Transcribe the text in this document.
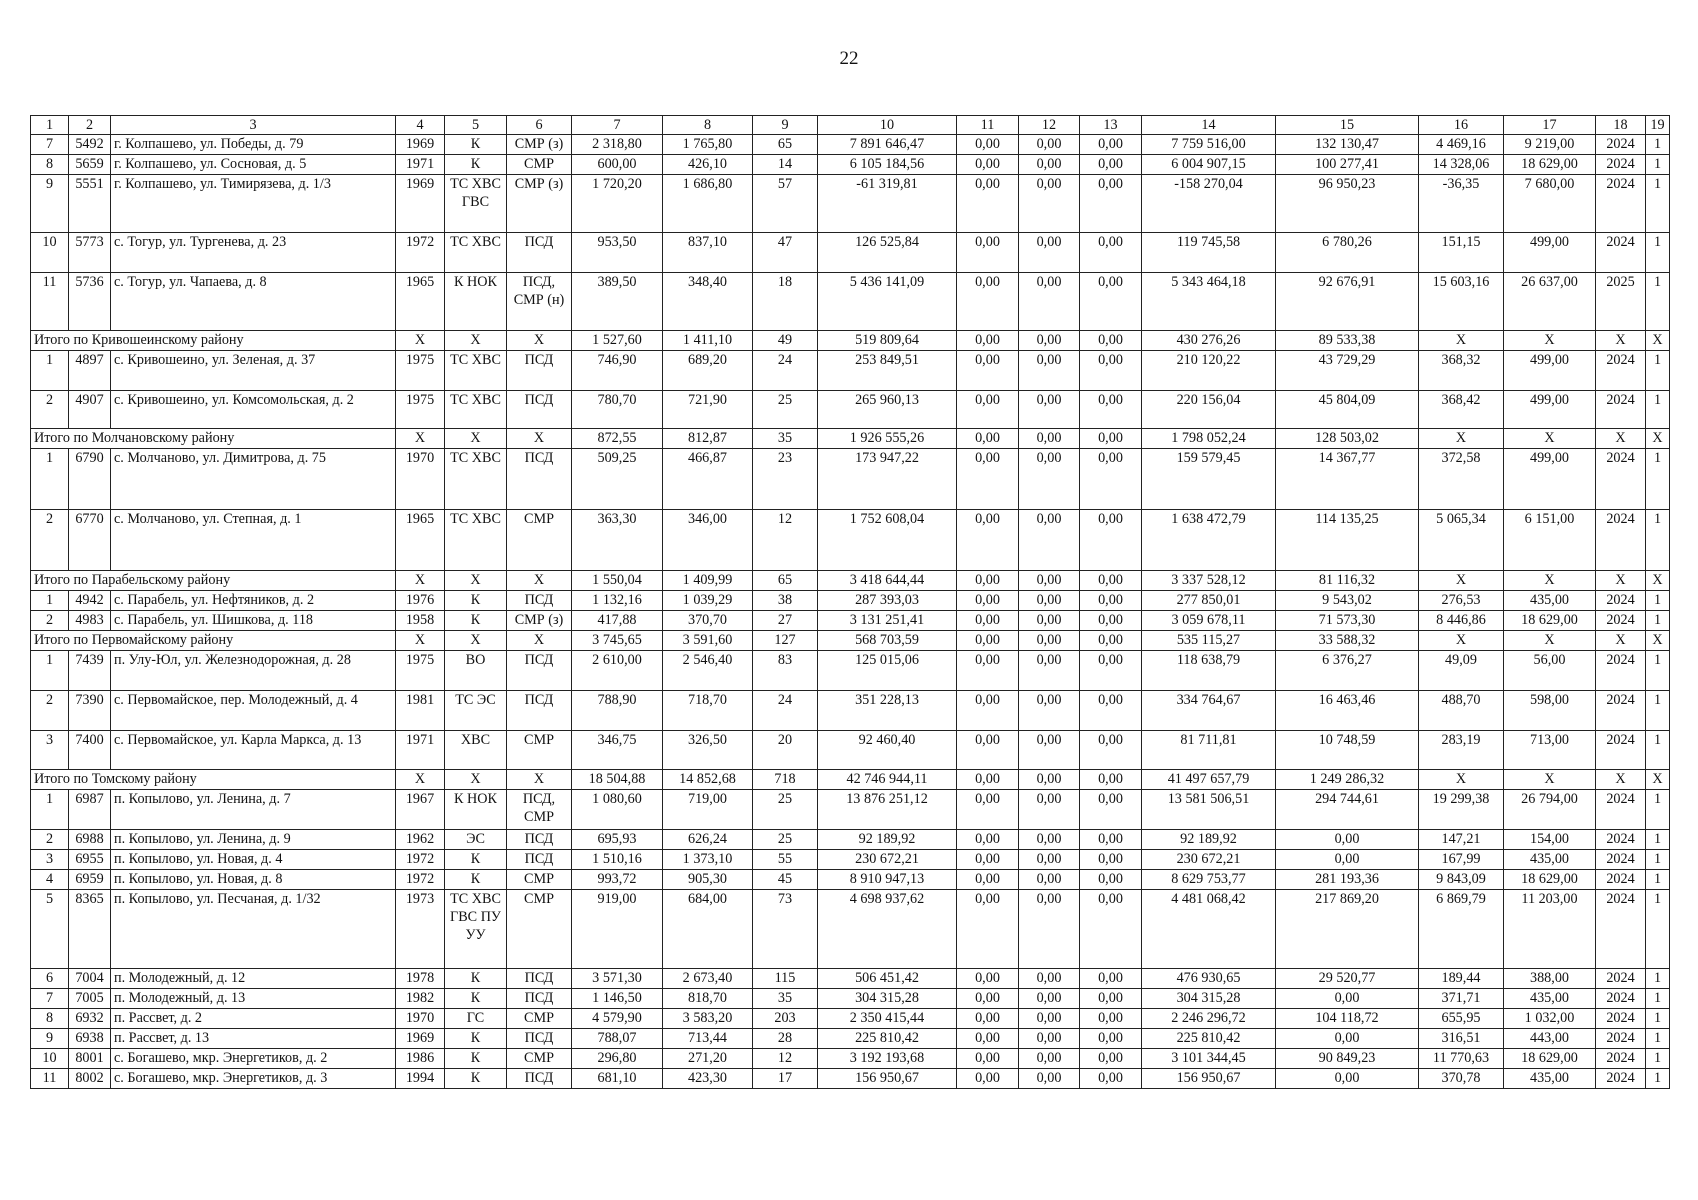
22
1	2	3	4	5	6	7	8	9	10	11	12	13	14	15	16	17	18	19
7	5492	г. Колпашево, ул. Победы, д. 79	1969	К	СМР (з)	2 318,80	1 765,80	65	7 891 646,47	0,00	0,00	0,00	7 759 516,00	132 130,47	4 469,16	9 219,00	2024	1
8	5659	г. Колпашево, ул. Сосновая, д. 5	1971	К	СМР	600,00	426,10	14	6 105 184,56	0,00	0,00	0,00	6 004 907,15	100 277,41	14 328,06	18 629,00	2024	1
9	5551	г. Колпашево, ул. Тимирязева, д. 1/3	1969	ТС ХВС ГВС	СМР (з)	1 720,20	1 686,80	57	-61 319,81	0,00	0,00	0,00	-158 270,04	96 950,23	-36,35	7 680,00	2024	1
10	5773	с. Тогур, ул. Тургенева, д. 23	1972	ТС ХВС	ПСД	953,50	837,10	47	126 525,84	0,00	0,00	0,00	119 745,58	6 780,26	151,15	499,00	2024	1
11	5736	с. Тогур, ул. Чапаева, д. 8	1965	К НОК	ПСД, СМР (н)	389,50	348,40	18	5 436 141,09	0,00	0,00	0,00	5 343 464,18	92 676,91	15 603,16	26 637,00	2025	1
Итого по Кривошеинскому району			Х	Х	Х	1 527,60	1 411,10	49	519 809,64	0,00	0,00	0,00	430 276,26	89 533,38	Х	Х	Х	Х
1	4897	с. Кривошеино, ул. Зеленая, д. 37	1975	ТС ХВС	ПСД	746,90	689,20	24	253 849,51	0,00	0,00	0,00	210 120,22	43 729,29	368,32	499,00	2024	1
2	4907	с. Кривошеино, ул. Комсомольская, д. 2	1975	ТС ХВС	ПСД	780,70	721,90	25	265 960,13	0,00	0,00	0,00	220 156,04	45 804,09	368,42	499,00	2024	1
Итого по Молчановскому району			Х	Х	Х	872,55	812,87	35	1 926 555,26	0,00	0,00	0,00	1 798 052,24	128 503,02	Х	Х	Х	Х
1	6790	с. Молчаново, ул. Димитрова, д. 75	1970	ТС ХВС	ПСД	509,25	466,87	23	173 947,22	0,00	0,00	0,00	159 579,45	14 367,77	372,58	499,00	2024	1
2	6770	с. Молчаново, ул. Степная, д. 1	1965	ТС ХВС	СМР	363,30	346,00	12	1 752 608,04	0,00	0,00	0,00	1 638 472,79	114 135,25	5 065,34	6 151,00	2024	1
Итого по Парабельскому району			Х	Х	Х	1 550,04	1 409,99	65	3 418 644,44	0,00	0,00	0,00	3 337 528,12	81 116,32	Х	Х	Х	Х
1	4942	с. Парабель, ул. Нефтяников, д. 2	1976	К	ПСД	1 132,16	1 039,29	38	287 393,03	0,00	0,00	0,00	277 850,01	9 543,02	276,53	435,00	2024	1
2	4983	с. Парабель, ул. Шишкова, д. 118	1958	К	СМР (з)	417,88	370,70	27	3 131 251,41	0,00	0,00	0,00	3 059 678,11	71 573,30	8 446,86	18 629,00	2024	1
Итого по Первомайскому району			Х	Х	Х	3 745,65	3 591,60	127	568 703,59	0,00	0,00	0,00	535 115,27	33 588,32	Х	Х	Х	Х
1	7439	п. Улу-Юл, ул. Железнодорожная, д. 28	1975	ВО	ПСД	2 610,00	2 546,40	83	125 015,06	0,00	0,00	0,00	118 638,79	6 376,27	49,09	56,00	2024	1
2	7390	с. Первомайское, пер. Молодежный, д. 4	1981	ТС ЭС	ПСД	788,90	718,70	24	351 228,13	0,00	0,00	0,00	334 764,67	16 463,46	488,70	598,00	2024	1
3	7400	с. Первомайское, ул. Карла Маркса, д. 13	1971	ХВС	СМР	346,75	326,50	20	92 460,40	0,00	0,00	0,00	81 711,81	10 748,59	283,19	713,00	2024	1
Итого по Томскому району			Х	Х	Х	18 504,88	14 852,68	718	42 746 944,11	0,00	0,00	0,00	41 497 657,79	1 249 286,32	Х	Х	Х	Х
1	6987	п. Копылово, ул. Ленина, д. 7	1967	К НОК	ПСД, СМР	1 080,60	719,00	25	13 876 251,12	0,00	0,00	0,00	13 581 506,51	294 744,61	19 299,38	26 794,00	2024	1
2	6988	п. Копылово, ул. Ленина, д. 9	1962	ЭС	ПСД	695,93	626,24	25	92 189,92	0,00	0,00	0,00	92 189,92	0,00	147,21	154,00	2024	1
3	6955	п. Копылово, ул. Новая, д. 4	1972	К	ПСД	1 510,16	1 373,10	55	230 672,21	0,00	0,00	0,00	230 672,21	0,00	167,99	435,00	2024	1
4	6959	п. Копылово, ул. Новая, д. 8	1972	К	СМР	993,72	905,30	45	8 910 947,13	0,00	0,00	0,00	8 629 753,77	281 193,36	9 843,09	18 629,00	2024	1
5	8365	п. Копылово, ул. Песчаная, д. 1/32	1973	ТС ХВС ГВС ПУ УУ	СМР	919,00	684,00	73	4 698 937,62	0,00	0,00	0,00	4 481 068,42	217 869,20	6 869,79	11 203,00	2024	1
6	7004	п. Молодежный, д. 12	1978	К	ПСД	3 571,30	2 673,40	115	506 451,42	0,00	0,00	0,00	476 930,65	29 520,77	189,44	388,00	2024	1
7	7005	п. Молодежный, д. 13	1982	К	ПСД	1 146,50	818,70	35	304 315,28	0,00	0,00	0,00	304 315,28	0,00	371,71	435,00	2024	1
8	6932	п. Рассвет, д. 2	1970	ГС	СМР	4 579,90	3 583,20	203	2 350 415,44	0,00	0,00	0,00	2 246 296,72	104 118,72	655,95	1 032,00	2024	1
9	6938	п. Рассвет, д. 13	1969	К	ПСД	788,07	713,44	28	225 810,42	0,00	0,00	0,00	225 810,42	0,00	316,51	443,00	2024	1
10	8001	с. Богашево, мкр. Энергетиков, д. 2	1986	К	СМР	296,80	271,20	12	3 192 193,68	0,00	0,00	0,00	3 101 344,45	90 849,23	11 770,63	18 629,00	2024	1
11	8002	с. Богашево, мкр. Энергетиков, д. 3	1994	К	ПСД	681,10	423,30	17	156 950,67	0,00	0,00	0,00	156 950,67	0,00	370,78	435,00	2024	1
